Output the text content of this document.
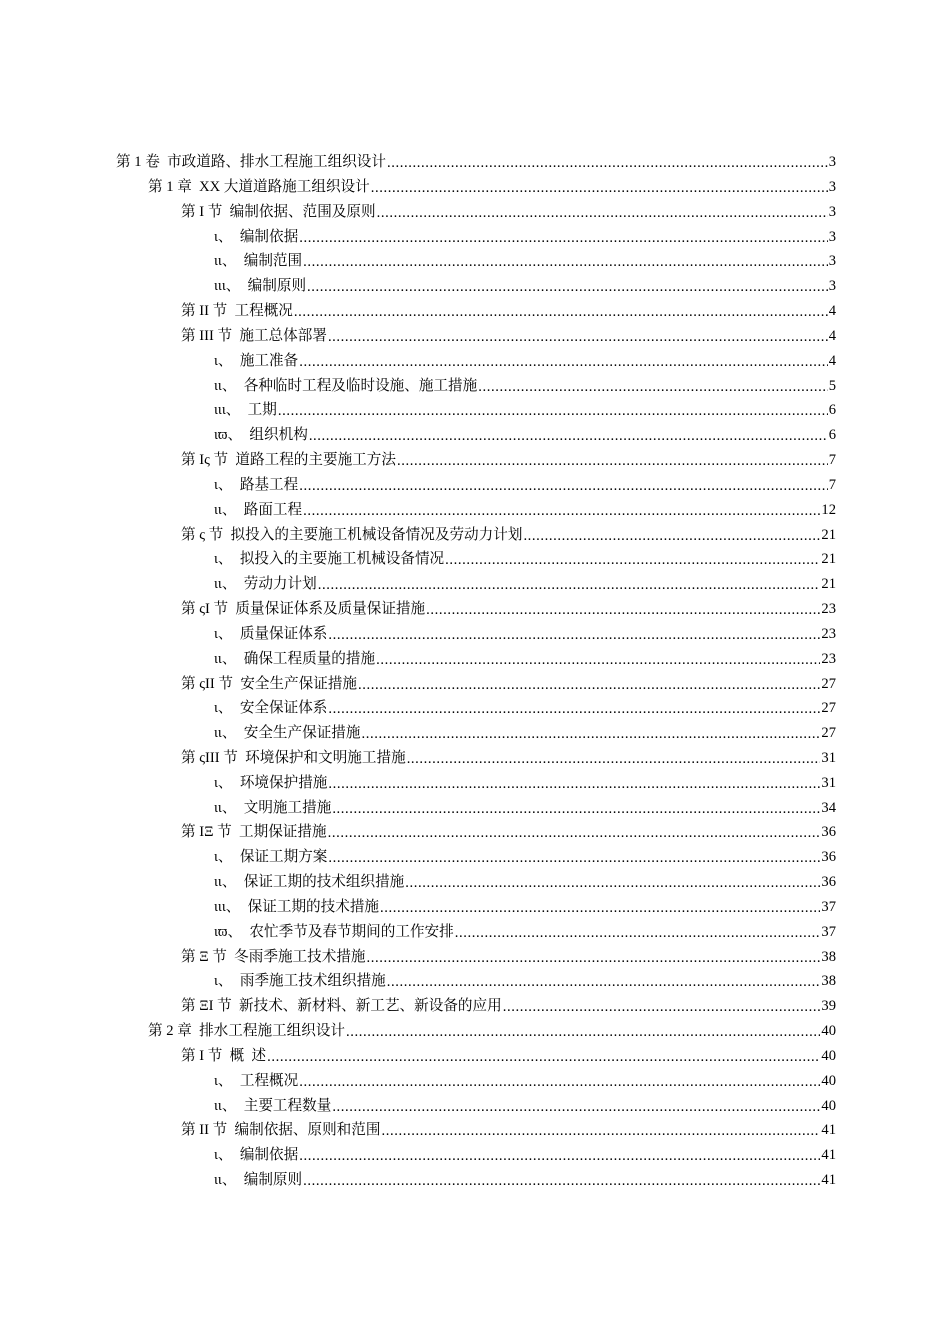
第 1 卷  市政道路、排水工程施工组织设计 .....	3
第 1 章  XX 大道道路施工组织设计 .....	3
第 I 节  编制依据、范围及原则 .....	3
ι、  编制依据 .....	3
ιι、  编制范围 .....	3
ιιι、  编制原则 .....	3
第 II 节  工程概况 .....	4
第 III 节  施工总体部署 .....	4
ι、  施工准备 .....	4
ιι、  各种临时工程及临时设施、施工措施 .....	5
ιιι、  工期 .....	6
ιϖ、  组织机构 .....	6
第 Iς 节  道路工程的主要施工方法 .....	7
ι、  路基工程 .....	7
ιι、  路面工程 .....	12
第 ς 节  拟投入的主要施工机械设备情况及劳动力计划 .....	21
ι、  拟投入的主要施工机械设备情况 .....	21
ιι、  劳动力计划 .....	21
第 ςI 节  质量保证体系及质量保证措施 .....	23
ι、  质量保证体系 .....	23
ιι、  确保工程质量的措施 .....	23
第 ςII 节  安全生产保证措施 .....	27
ι、  安全保证体系 .....	27
ιι、  安全生产保证措施 .....	27
第 ςIII 节  环境保护和文明施工措施 .....	31
ι、  环境保护措施 .....	31
ιι、  文明施工措施 .....	34
第 IΞ 节  工期保证措施 .....	36
ι、  保证工期方案 .....	36
ιι、  保证工期的技术组织措施 .....	36
ιιι、  保证工期的技术措施 .....	37
ιϖ、  农忙季节及春节期间的工作安排 .....	37
第 Ξ 节  冬雨季施工技术措施 .....	38
ι、  雨季施工技术组织措施 .....	38
第 ΞI 节  新技术、新材料、新工艺、新设备的应用 .....	39
第 2 章  排水工程施工组织设计 .....	40
第 I 节  概  述 .....	40
ι、  工程概况 .....	40
ιι、  主要工程数量 .....	40
第 II 节  编制依据、原则和范围 .....	41
ι、  编制依据 .....	41
ιι、  编制原则 .....	41
